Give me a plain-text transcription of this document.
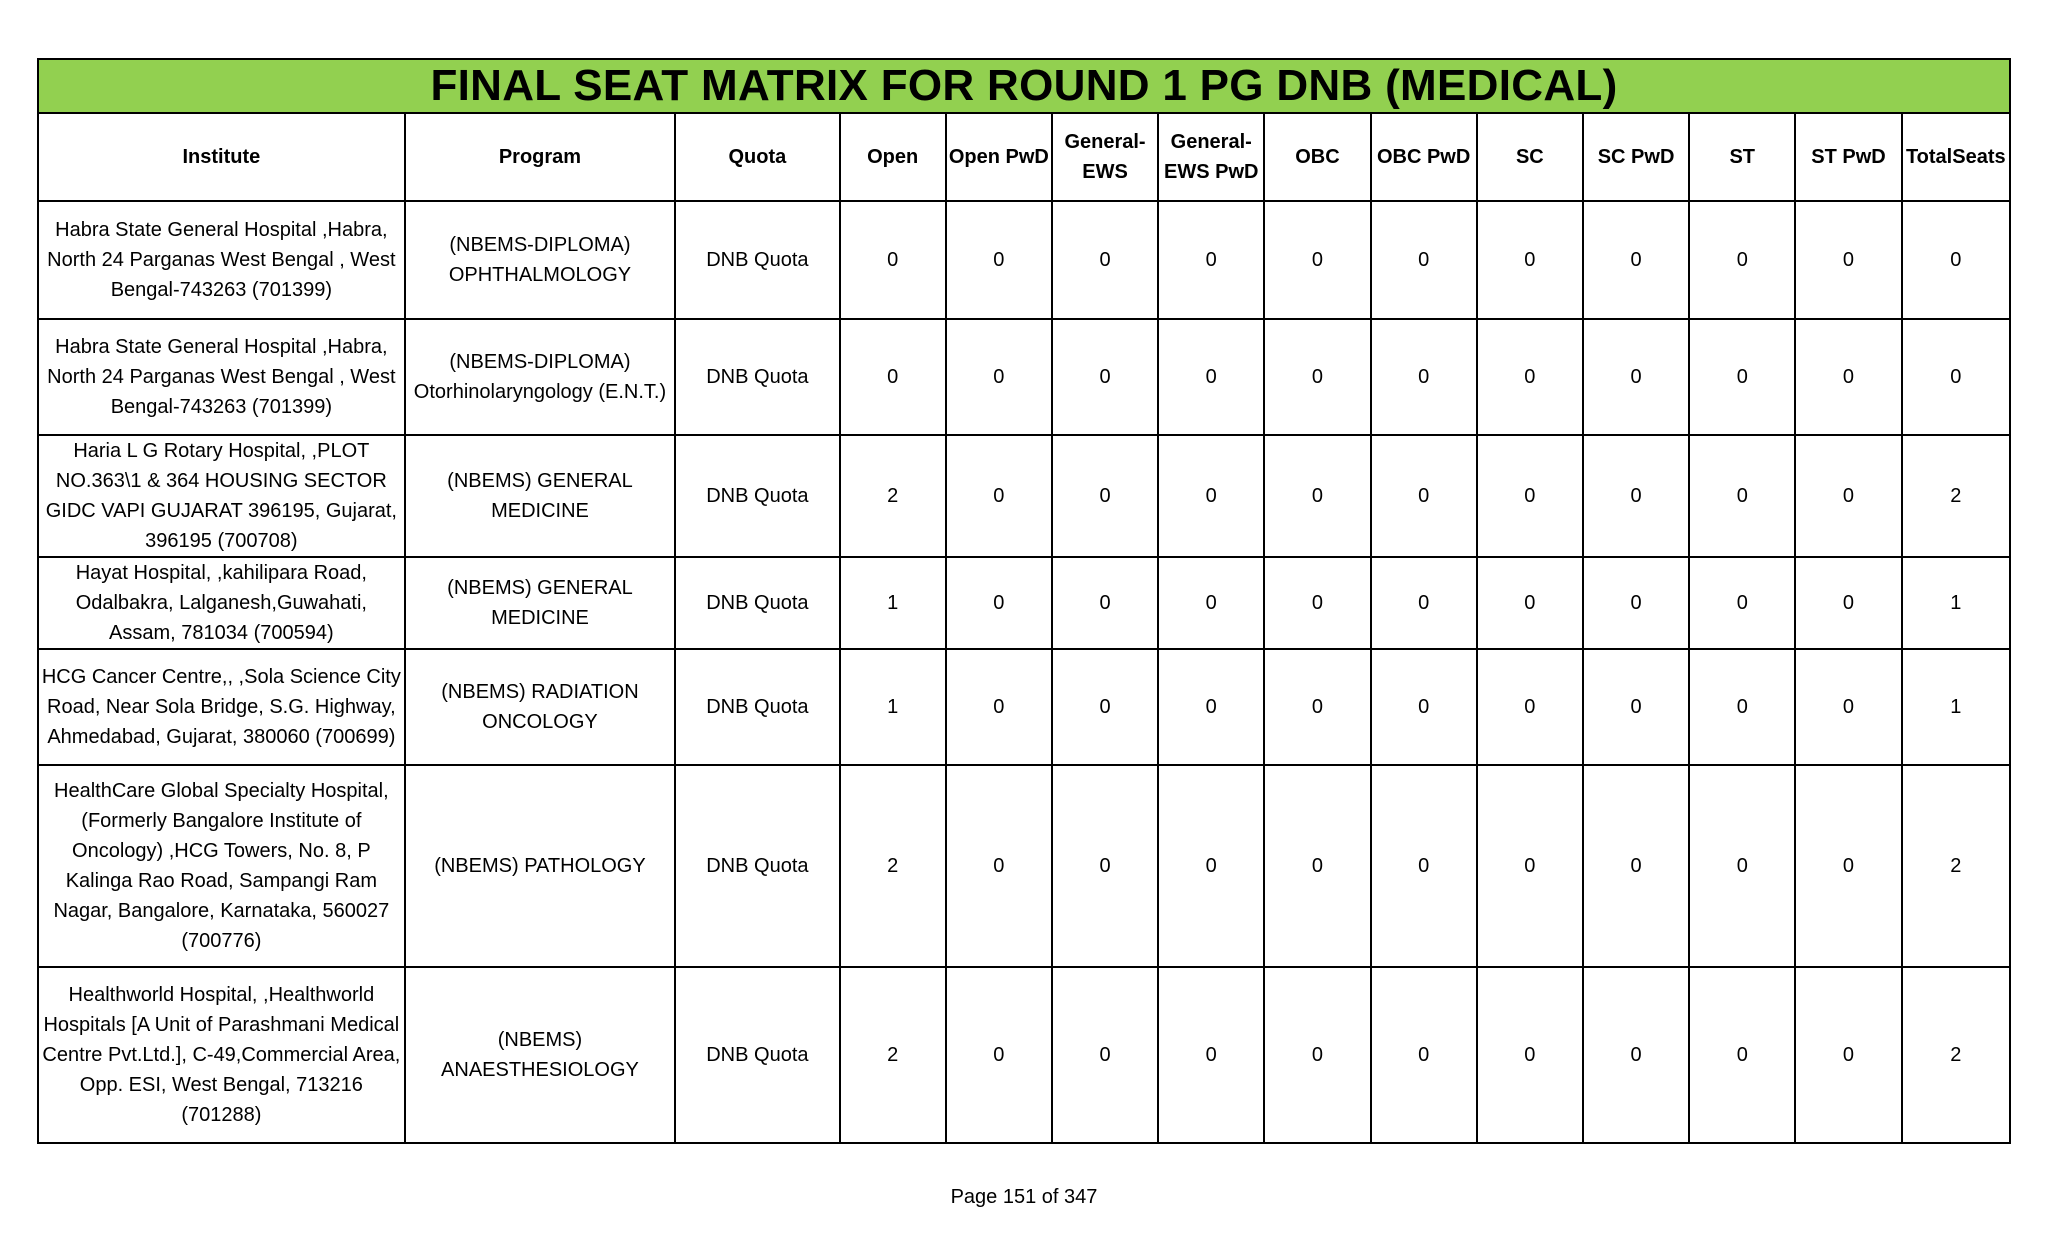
FINAL SEAT MATRIX FOR ROUND 1 PG DNB (MEDICAL)													
Institute	Program	Quota	Open	Open PwD	General-EWS	General-EWS PwD	OBC	OBC PwD	SC	SC PwD	ST	ST PwD	TotalSeats
Habra State General Hospital ,Habra, North 24 Parganas West Bengal , West Bengal-743263 (701399)	(NBEMS-DIPLOMA) OPHTHALMOLOGY	DNB Quota	0	0	0	0	0	0	0	0	0	0	0
Habra State General Hospital ,Habra, North 24 Parganas West Bengal , West Bengal-743263 (701399)	(NBEMS-DIPLOMA) Otorhinolaryngology (E.N.T.)	DNB Quota	0	0	0	0	0	0	0	0	0	0	0
Haria L G Rotary Hospital, ,PLOT NO.363\1 & 364 HOUSING SECTOR GIDC VAPI GUJARAT 396195, Gujarat, 396195 (700708)	(NBEMS) GENERAL MEDICINE	DNB Quota	2	0	0	0	0	0	0	0	0	0	2
Hayat Hospital, ,kahilipara Road, Odalbakra, Lalganesh,Guwahati, Assam, 781034 (700594)	(NBEMS) GENERAL MEDICINE	DNB Quota	1	0	0	0	0	0	0	0	0	0	1
HCG Cancer Centre,, ,Sola Science City Road, Near Sola Bridge, S.G. Highway, Ahmedabad, Gujarat, 380060 (700699)	(NBEMS) RADIATION ONCOLOGY	DNB Quota	1	0	0	0	0	0	0	0	0	0	1
HealthCare Global Specialty Hospital, (Formerly Bangalore Institute of Oncology) ,HCG Towers, No. 8, P Kalinga Rao Road, Sampangi Ram Nagar, Bangalore, Karnataka, 560027 (700776)	(NBEMS) PATHOLOGY	DNB Quota	2	0	0	0	0	0	0	0	0	0	2
Healthworld Hospital, ,Healthworld Hospitals [A Unit of Parashmani Medical Centre Pvt.Ltd.], C-49,Commercial Area, Opp. ESI, West Bengal, 713216 (701288)	(NBEMS) ANAESTHESIOLOGY	DNB Quota	2	0	0	0	0	0	0	0	0	0	2
Page 151 of 347
